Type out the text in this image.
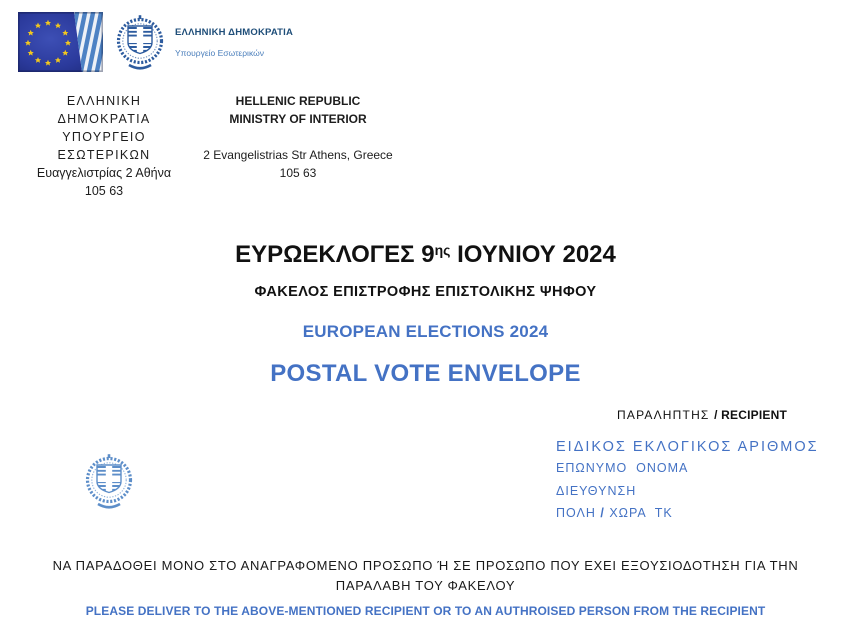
ΕΛΛΗΝΙΚΗ ΔΗΜΟΚΡΑΤΙΑ
Υπουργείο Εσωτερικών
ΕΛΛΗΝΙΚΗ ΔΗΜΟΚΡΑΤΙΑ
ΥΠΟΥΡΓΕΙΟ
ΕΣΩΤΕΡΙΚΩΝ
Ευαγγελιστρίας 2 Αθήνα
105 63
HELLENIC REPUBLIC
MINISTRY OF INTERIOR
2 Evangelistrias Str Athens, Greece
105 63
ΕΥΡΩΕΚΛΟΓΕΣ $9^{\eta\varsigma}$ ΙΟΥΝΙΟΥ 2024
ΦΑΚΕΛΟΣ ΕΠΙΣΤΡΟΦΗΣ ΕΠΙΣΤΟΛΙΚΗΣ ΨΗΦΟΥ
EUROPEAN ELECTIONS 2024
POSTAL VOTE ENVELOPE
ΠΑΡΑΛΗΠΤΗΣ / RECIPIENT
ΕΙΔΙΚΟΣ ΕΚΛΟΓΙΚΟΣ ΑΡΙΘΜΟΣ
ΕΠΩΝΥΜΟ  ΟΝΟΜΑ
ΔΙΕΥΘΥΝΣΗ
ΠΟΛΗ / ΧΩΡΑ  ΤΚ
ΝΑ ΠΑΡΑΔΟΘΕΙ ΜΟΝΟ ΣΤΟ ΑΝΑΓΡΑΦΟΜΕΝΟ ΠΡΟΣΩΠΟ Ή ΣΕ ΠΡΟΣΩΠΟ ΠΟΥ ΕΧΕΙ ΕΞΟΥΣΙΟΔΟΤΗΣΗ ΓΙΑ ΤΗΝ
ΠΑΡΑΛΑΒΗ ΤΟΥ ΦΑΚΕΛΟΥ
PLEASE DELIVER TO THE ABOVE-MENTIONED RECIPIENT OR TO AN AUTHROISED PERSON FROM THE RECIPIENT
